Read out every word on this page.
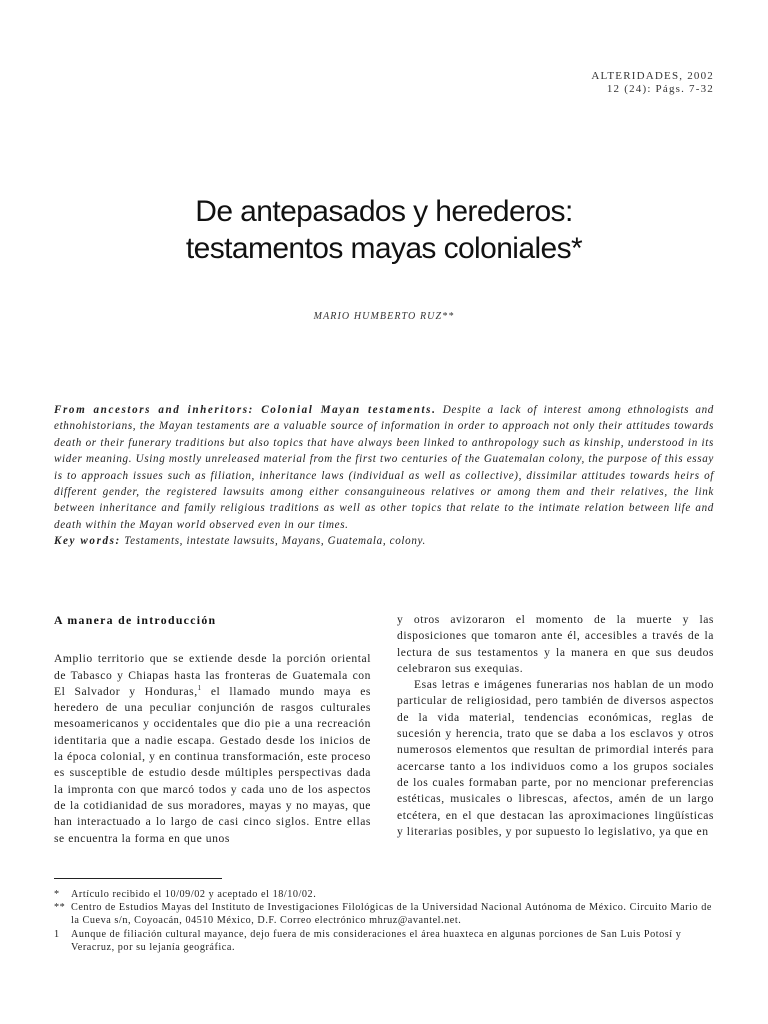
ALTERIDADES, 2002
12 (24): Págs. 7-32
De antepasados y herederos:
testamentos mayas coloniales*
MARIO HUMBERTO RUZ**

From ancestors and inheritors: Colonial Mayan testaments. Despite a lack of interest among ethnologists and ethnohistorians, the Mayan testaments are a valuable source of information in order to approach not only their attitudes towards death or their funerary traditions but also topics that have always been linked to anthropology such as kinship, understood in its wider meaning. Using mostly unreleased material from the first two centuries of the Guatemalan colony, the purpose of this essay is to approach issues such as filiation, inheritance laws (individual as well as collective), dissimilar attitudes towards heirs of different gender, the registered lawsuits among either consanguineous relatives or among them and their relatives, the link between inheritance and family religious traditions as well as other topics that relate to the intimate relation between life and death within the Mayan world observed even in our times.

Key words: Testaments, intestate lawsuits, Mayans, Guatemala, colony.

A manera de introducción

Amplio territorio que se extiende desde la porción oriental de Tabasco y Chiapas hasta las fronteras de Guatemala con El Salvador y Honduras,$^1$ el llamado mundo maya es heredero de una peculiar conjunción de rasgos culturales mesoamericanos y occidentales que dio pie a una recreación identitaria que a nadie escapa. Gestado desde los inicios de la época colonial, y en continua transformación, este proceso es susceptible de estudio desde múltiples perspectivas dada la impronta con que marcó todos y cada uno de los aspectos de la cotidianidad de sus moradores, mayas y no mayas, que han interactuado a lo largo de casi cinco siglos. Entre ellas se encuentra la forma en que unos

y otros avizoraron el momento de la muerte y las disposiciones que tomaron ante él, accesibles a través de la lectura de sus testamentos y la manera en que sus deudos celebraron sus exequias.

Esas letras e imágenes funerarias nos hablan de un modo particular de religiosidad, pero también de diversos aspectos de la vida material, tendencias económicas, reglas de sucesión y herencia, trato que se daba a los esclavos y otros numerosos elementos que resultan de primordial interés para acercarse tanto a los individuos como a los grupos sociales de los cuales formaban parte, por no mencionar preferencias estéticas, musicales o librescas, afectos, amén de un largo etcétera, en el que destacan las aproximaciones lingüísticas y literarias posibles, y por supuesto lo legislativo, ya que en

*	Artículo recibido el 10/09/02 y aceptado el 18/10/02.
** Centro de Estudios Mayas del Instituto de Investigaciones Filológicas de la Universidad Nacional Autónoma de México. Circuito Mario de la Cueva s/n, Coyoacán, 04510 México, D.F. Correo electrónico mhruz@avantel.net.
1	Aunque de filiación cultural mayance, dejo fuera de mis consideraciones el área huaxteca en algunas porciones de San Luis Potosí y Veracruz, por su lejanía geográfica.
